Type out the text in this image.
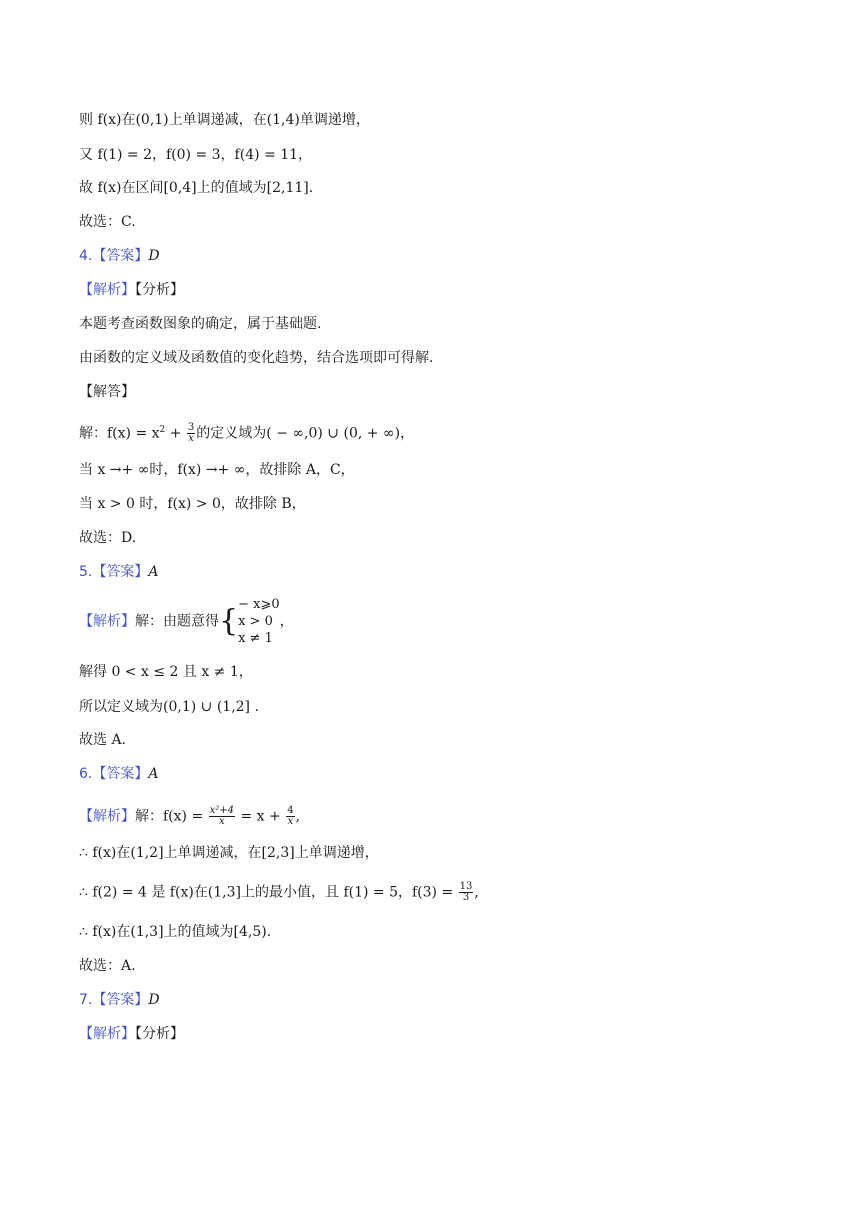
则 f(x)在(0,1)上单调递减，在(1,4)单调递增，
又 f(1) = 2，f(0) = 3，f(4) = 11，
故 f(x)在区间[0,4]上的值域为[2,11].
故选：C.
4.【答案】D
【解析】【分析】
本题考查函数图象的确定，属于基础题.
由函数的定义域及函数值的变化趋势，结合选项即可得解.
【解答】
解：$f(x) = x^2 + \frac{3}{x}$ 的定义域为( − ∞,0) ∪ (0, + ∞)，
当 x →+ ∞时，f(x) →+ ∞，故排除 A，C，
当 x > 0 时，f(x) > 0，故排除 B，
故选：D.
5.【答案】A
【解析】解：由题意得{ − x⩾0
x > 0
x ≠ 1
，
解得 0 < x ≤ 2 且 x ≠ 1，
所以定义域为(0,1) ∪ (1,2] .
故选 A.
6.【答案】A
【解析】解：$f(x) = \frac{\text{x²+4}}{x} = x + \frac{4}{x}$ ,
∴ f(x)在(1,2]上单调递减，在[2,3]上单调递增，
∴ f(2) = 4 是 f(x)在(1,3]上的最小值，且 f(1) = 5，$f(3) = \frac{13}{3}$ ,
∴ f(x)在(1,3]上的值域为[4,5).
故选：A.
7.【答案】D
【解析】【分析】
